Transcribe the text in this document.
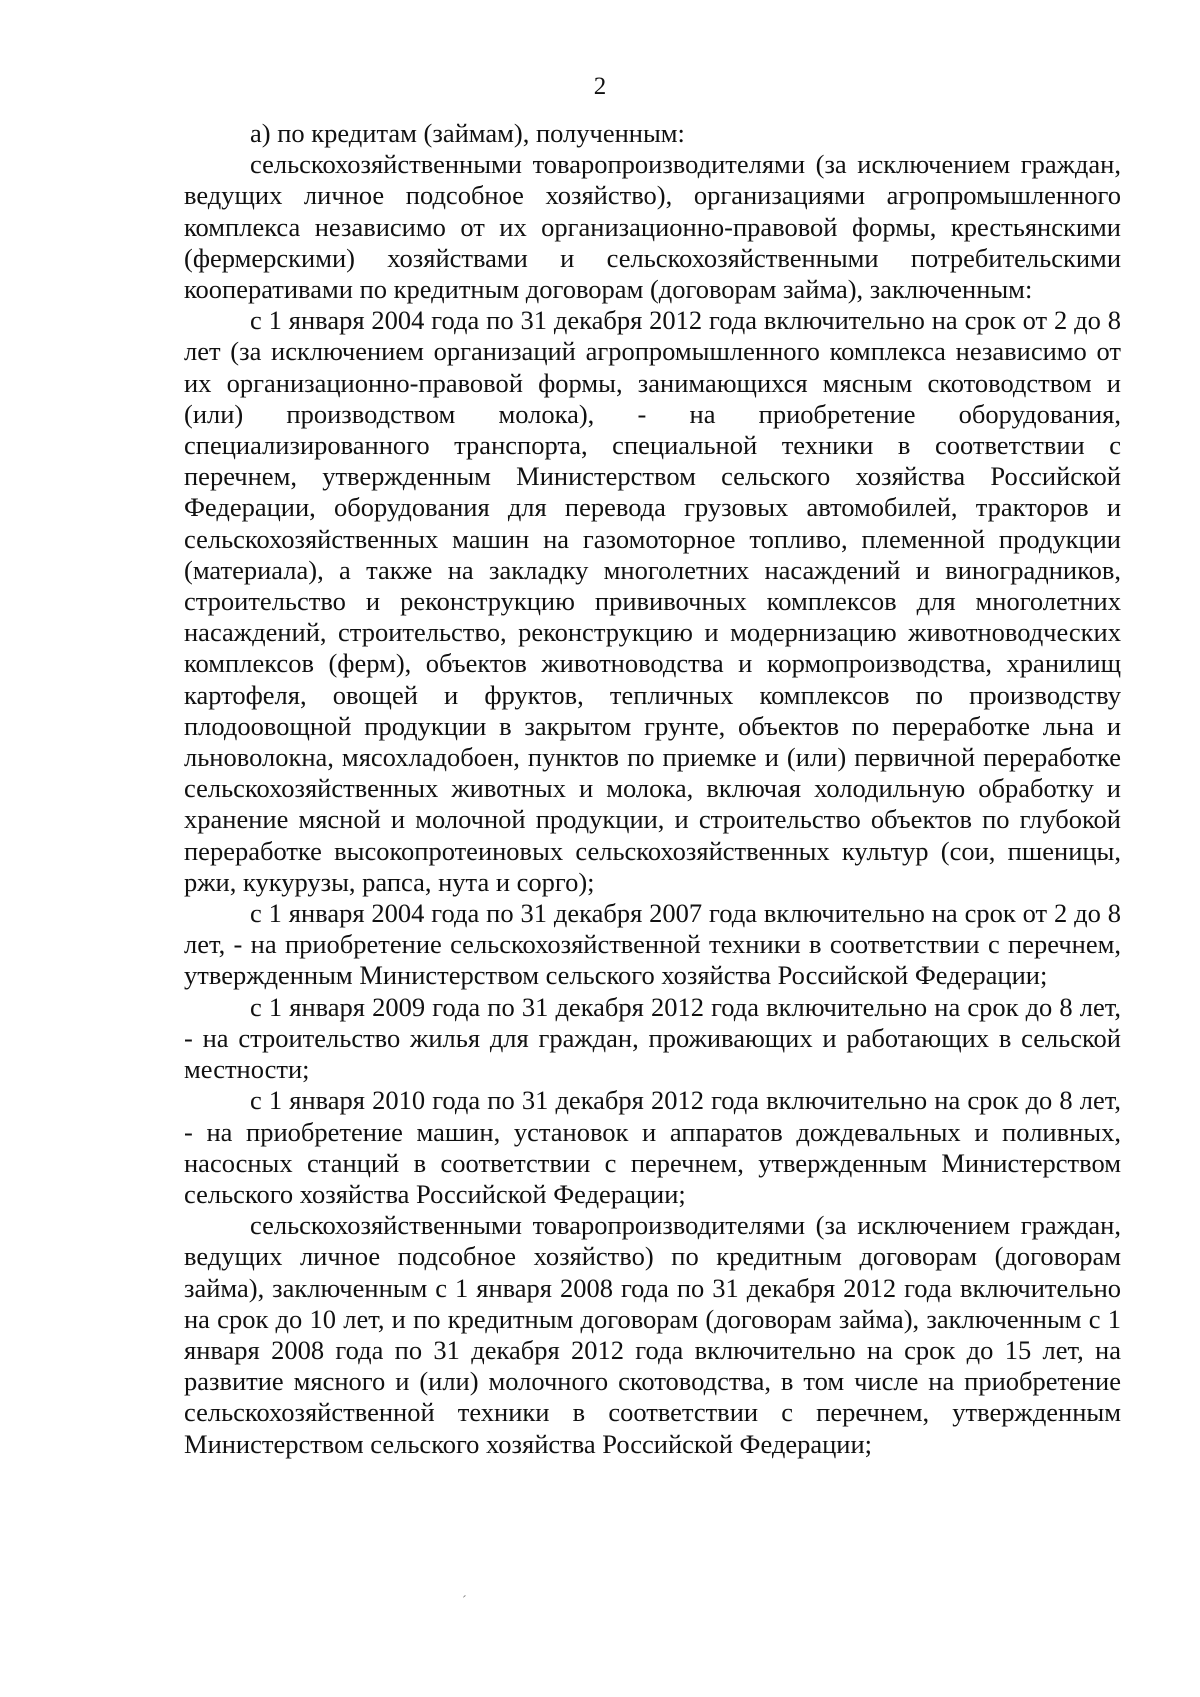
2

а) по кредитам (займам), полученным:

сельскохозяйственными товаропроизводителями (за исключением граждан, ведущих личное подсобное хозяйство), организациями агропромышленного комплекса независимо от их организационно-правовой формы, крестьянскими (фермерскими) хозяйствами и сельскохозяйственными потребительскими кооперативами по кредитным договорам (договорам займа), заключенным:

с 1 января 2004 года по 31 декабря 2012 года включительно на срок от 2 до 8 лет (за исключением организаций агропромышленного комплекса независимо от их организационно-правовой формы, занимающихся мясным скотоводством и (или) производством молока), - на приобретение оборудования, специализированного транспорта, специальной техники в соответствии с перечнем, утвержденным Министерством сельского хозяйства Российской Федерации, оборудования для перевода грузовых автомобилей, тракторов и сельскохозяйственных машин на газомоторное топливо, племенной продукции (материала), а также на закладку многолетних насаждений и виноградников, строительство и реконструкцию прививочных комплексов для многолетних насаждений, строительство, реконструкцию и модернизацию животноводческих комплексов (ферм), объектов животноводства и кормопроизводства, хранилищ картофеля, овощей и фруктов, тепличных комплексов по производству плодоовощной продукции в закрытом грунте, объектов по переработке льна и льноволокна, мясохладобоен, пунктов по приемке и (или) первичной переработке сельскохозяйственных животных и молока, включая холодильную обработку и хранение мясной и молочной продукции, и строительство объектов по глубокой переработке высокопротеиновых сельскохозяйственных культур (сои, пшеницы, ржи, кукурузы, рапса, нута и сорго);

с 1 января 2004 года по 31 декабря 2007 года включительно на срок от 2 до 8 лет, - на приобретение сельскохозяйственной техники в соответствии с перечнем, утвержденным Министерством сельского хозяйства Российской Федерации;

с 1 января 2009 года по 31 декабря 2012 года включительно на срок до 8 лет, - на строительство жилья для граждан, проживающих и работающих в сельской местности;

с 1 января 2010 года по 31 декабря 2012 года включительно на срок до 8 лет, - на приобретение машин, установок и аппаратов дождевальных и поливных, насосных станций в соответствии с перечнем, утвержденным Министерством сельского хозяйства Российской Федерации;

сельскохозяйственными товаропроизводителями (за исключением граждан, ведущих личное подсобное хозяйство) по кредитным договорам (договорам займа), заключенным с 1 января 2008 года по 31 декабря 2012 года включительно на срок до 10 лет, и по кредитным договорам (договорам займа), заключенным с 1 января 2008 года по 31 декабря 2012 года включительно на срок до 15 лет, на развитие мясного и (или) молочного скотоводства, в том числе на приобретение сельскохозяйственной техники в соответствии с перечнем, утвержденным Министерством сельского хозяйства Российской Федерации;

ˊ
